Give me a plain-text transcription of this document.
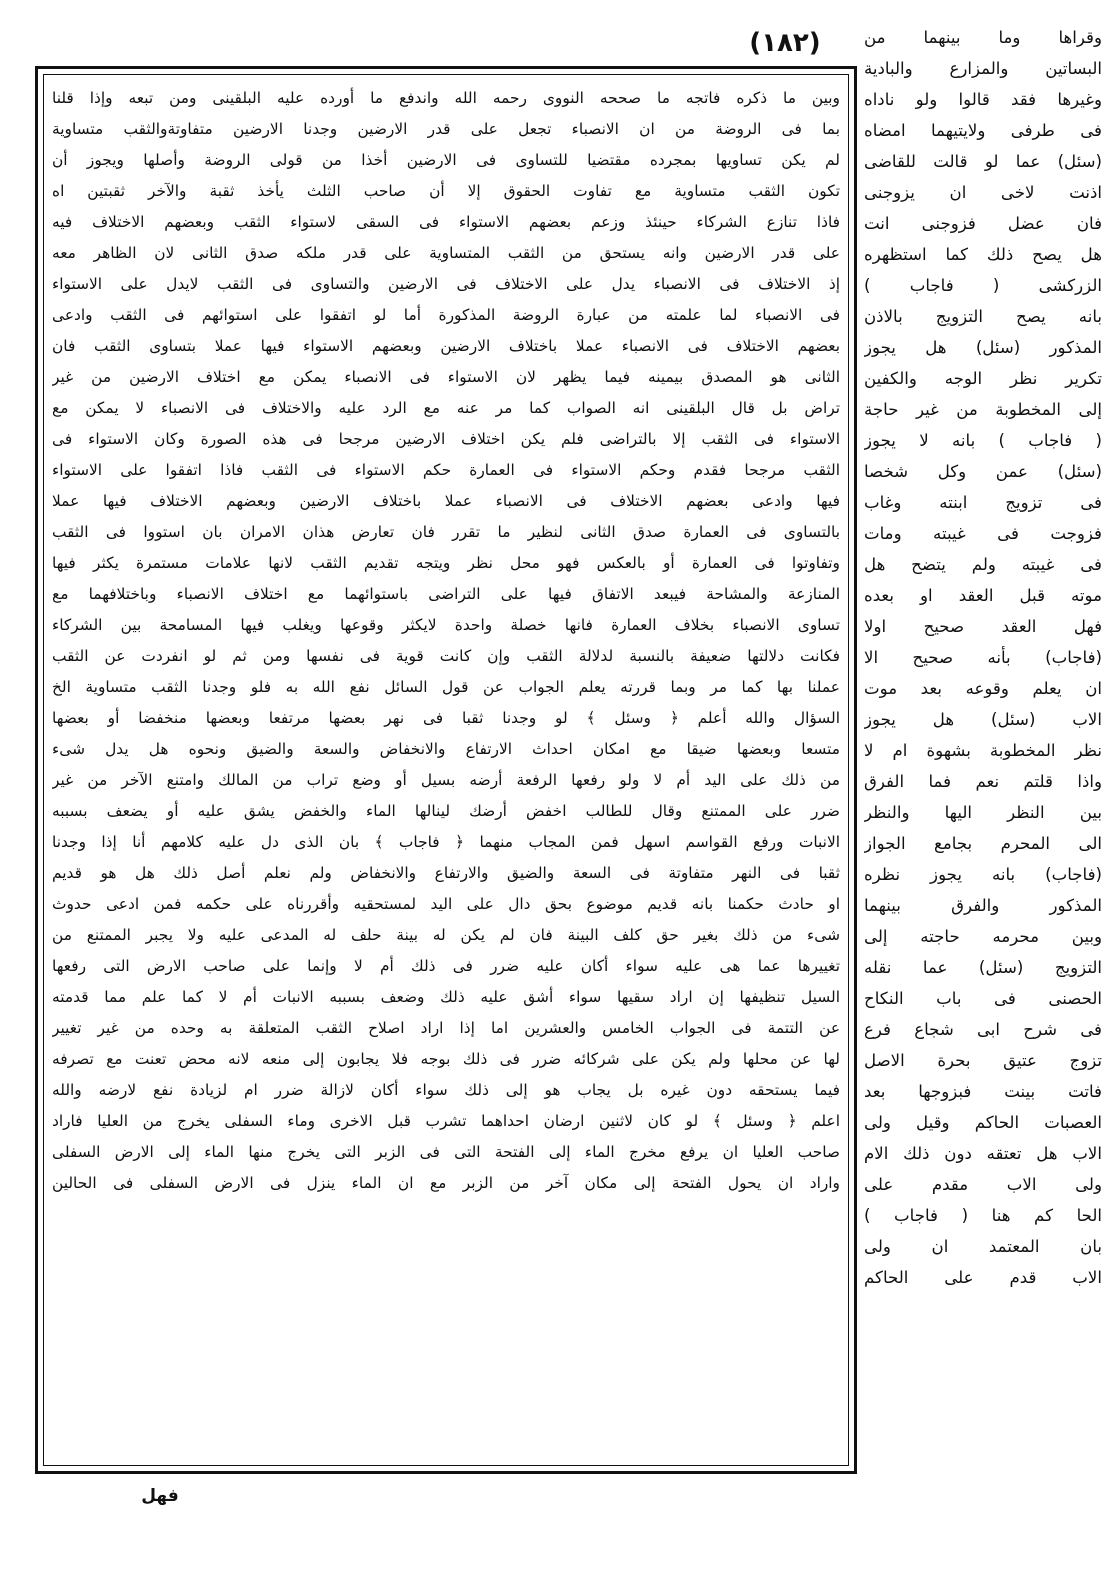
(١٨٢)
وبين ما ذكره فاتجه ما صححه النووى رحمه الله واندفع ما أورده عليه البلقينى ومن تبعه وإذا قلنا
بما فى الروضة من ان الانصباء تجعل على قدر الارضين وجدنا الارضين متفاوتةوالثقب متساوية
لم يكن تساويها بمجرده مقتضيا للتساوى فى الارضين أخذا من قولى الروضة وأصلها ويجوز أن
تكون الثقب متساوية مع تفاوت الحقوق إلا أن صاحب الثلث يأخذ ثقبة والآخر ثقبتين اه
فاذا تنازع الشركاء حينئذ وزعم بعضهم الاستواء فى السقى لاستواء الثقب وبعضهم الاختلاف فيه
على قدر الارضين وانه يستحق من الثقب المتساوية على قدر ملكه صدق الثانى لان الظاهر معه
إذ الاختلاف فى الانصباء يدل على الاختلاف فى الارضين والتساوى فى الثقب لايدل على الاستواء
فى الانصباء لما علمته من عبارة الروضة المذكورة أما لو اتفقوا على استوائهم فى الثقب وادعى
بعضهم الاختلاف فى الانصباء عملا باختلاف الارضين وبعضهم الاستواء فيها عملا بتساوى الثقب فان
الثانى هو المصدق بيمينه فيما يظهر لان الاستواء فى الانصباء يمكن مع اختلاف الارضين من غير
تراض بل قال البلقينى انه الصواب كما مر عنه مع الرد عليه والاختلاف فى الانصباء لا يمكن مع
الاستواء فى الثقب إلا بالتراضى فلم يكن اختلاف الارضين مرجحا فى هذه الصورة وكان الاستواء فى
الثقب مرجحا فقدم وحكم الاستواء فى العمارة حكم الاستواء فى الثقب فاذا اتفقوا على الاستواء
فيها وادعى بعضهم الاختلاف فى الانصباء عملا باختلاف الارضين وبعضهم الاختلاف فيها عملا
بالتساوى فى العمارة صدق الثانى لنظير ما تقرر فان تعارض هذان الامران بان استووا فى الثقب
وتفاوتوا فى العمارة أو بالعكس فهو محل نظر ويتجه تقديم الثقب لانها علامات مستمرة يكثر فيها
المنازعة والمشاحة فيبعد الاتفاق فيها على التراضى باستوائهما مع اختلاف الانصباء وباختلافهما مع
تساوى الانصباء بخلاف العمارة فانها خصلة واحدة لايكثر وقوعها ويغلب فيها المسامحة بين الشركاء
فكانت دلالتها ضعيفة بالنسبة لدلالة الثقب وإن كانت قوية فى نفسها ومن ثم لو انفردت عن الثقب
عملنا بها كما مر وبما قررته يعلم الجواب عن قول السائل نفع الله به فلو وجدنا الثقب متساوية الخ
السؤال والله أعلم ﴿ وسئل ﴾ لو وجدنا ثقبا فى نهر بعضها مرتفعا وبعضها منخفضا أو بعضها
متسعا وبعضها ضيقا مع امكان احداث الارتفاع والانخفاض والسعة والضيق ونحوه هل يدل شىء
من ذلك على اليد أم لا ولو رفعها الرفعة أرضه بسيل أو وضع تراب من المالك وامتنع الآخر من غير
ضرر على الممتنع وقال للطالب اخفض أرضك لينالها الماء والخفض يشق عليه أو يضعف بسببه
الانبات ورفع القواسم اسهل فمن المجاب منهما ﴿ فاجاب ﴾ بان الذى دل عليه كلامهم أنا إذا وجدنا
ثقبا فى النهر متفاوتة فى السعة والضيق والارتفاع والانخفاض ولم نعلم أصل ذلك هل هو قديم
او حادث حكمنا بانه قديم موضوع بحق دال على اليد لمستحقيه وأقررناه على حكمه فمن ادعى حدوث
شىء من ذلك بغير حق كلف البينة فان لم يكن له بينة حلف له المدعى عليه ولا يجبر الممتنع من
تغييرها عما هى عليه سواء أكان عليه ضرر فى ذلك أم لا وإنما على صاحب الارض التى رفعها
السيل تنظيفها إن اراد سقيها سواء أشق عليه ذلك وضعف بسببه الانبات أم لا كما علم مما قدمته
عن التتمة فى الجواب الخامس والعشرين اما إذا اراد اصلاح الثقب المتعلقة به وحده من غير تغيير
لها عن محلها ولم يكن على شركائه ضرر فى ذلك بوجه فلا يجابون إلى منعه لانه محض تعنت مع تصرفه
فيما يستحقه دون غيره بل يجاب هو إلى ذلك سواء أكان لازالة ضرر ام لزيادة نفع لارضه والله
اعلم ﴿ وسئل ﴾ لو كان لاثنين ارضان احداهما تشرب قبل الاخرى وماء السفلى يخرج من العليا فاراد
صاحب العليا ان يرفع مخرج الماء إلى الفتحة التى فى الزبر التى يخرج منها الماء إلى الارض السفلى
واراد ان يحول الفتحة إلى مكان آخر من الزبر مع ان الماء ينزل فى الارض السفلى فى الحالين
وقراها وما بينهما من
البساتين والمزارع والبادية
وغيرها فقد قالوا ولو ناداه
فى طرفى ولايتيهما امضاه
(سئل) عما لو قالت للقاضى
اذنت لاخى ان يزوجنى
فان عضل فزوجنى انت
هل يصح ذلك كما استظهره
الزركشى ( فاجاب )
بانه يصح التزويج بالاذن
المذكور (سئل) هل يجوز
تكرير نظر الوجه والكفين
إلى المخطوبة من غير حاجة
( فاجاب ) بانه لا يجوز
(سئل) عمن وكل شخصا
فى تزويج ابنته وغاب
فزوجت فى غيبته ومات
فى غيبته ولم يتضح هل
موته قبل العقد او بعده
فهل العقد صحيح اولا
(فاجاب) بأنه صحيح الا
ان يعلم وقوعه بعد موت
الاب (سئل) هل يجوز
نظر المخطوبة بشهوة ام لا
واذا قلتم نعم فما الفرق
بين النظر اليها والنظر
الى المحرم بجامع الجواز
(فاجاب) بانه يجوز نظره
المذكور والفرق بينهما
وبين محرمه حاجته إلى
التزويج (سئل) عما نقله
الحصنى فى باب النكاح
فى شرح ابى شجاع فرع
تزوج عتيق بحرة الاصل
فاتت بينت فبزوجها بعد
العصبات الحاكم وقيل ولى
الاب هل تعتقه دون ذلك الام
ولى الاب مقدم على
الحا كم هنا ( فاجاب )
بان المعتمد ان ولى
الاب قدم على الحاكم
فهل
